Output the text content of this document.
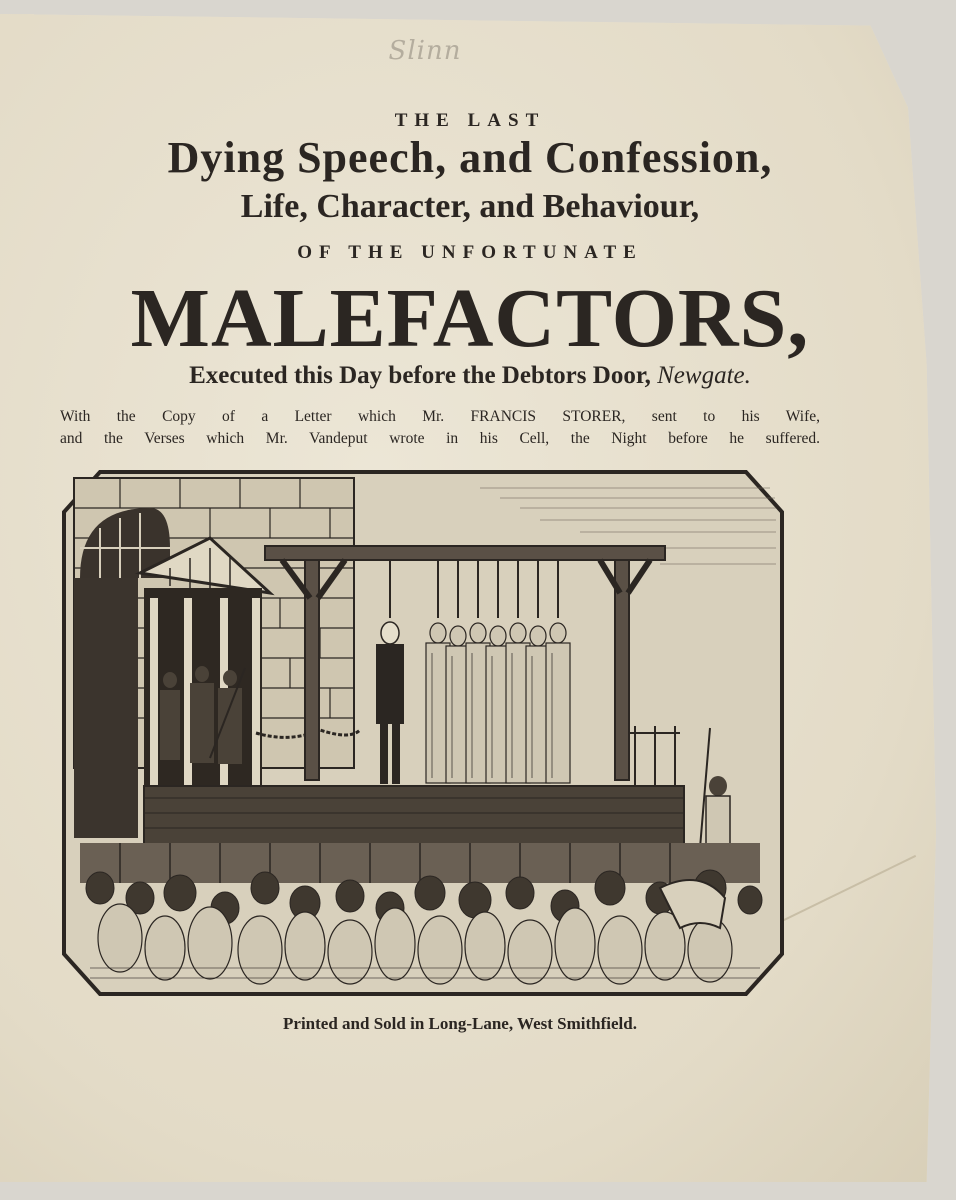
Slinn
THE LAST
Dying Speech, and Confession,
Life, Character, and Behaviour,
OF THE UNFORTUNATE
MALEFACTORS,
Executed this Day before the Debtors Door, Newgate.

With the Copy of a Letter which Mr. FRANCIS STORER, sent to his Wife,

and the Verses which Mr. Vandeput wrote in his Cell, the Night before he suffered.

Printed and Sold in Long-Lane, West Smithfield.
